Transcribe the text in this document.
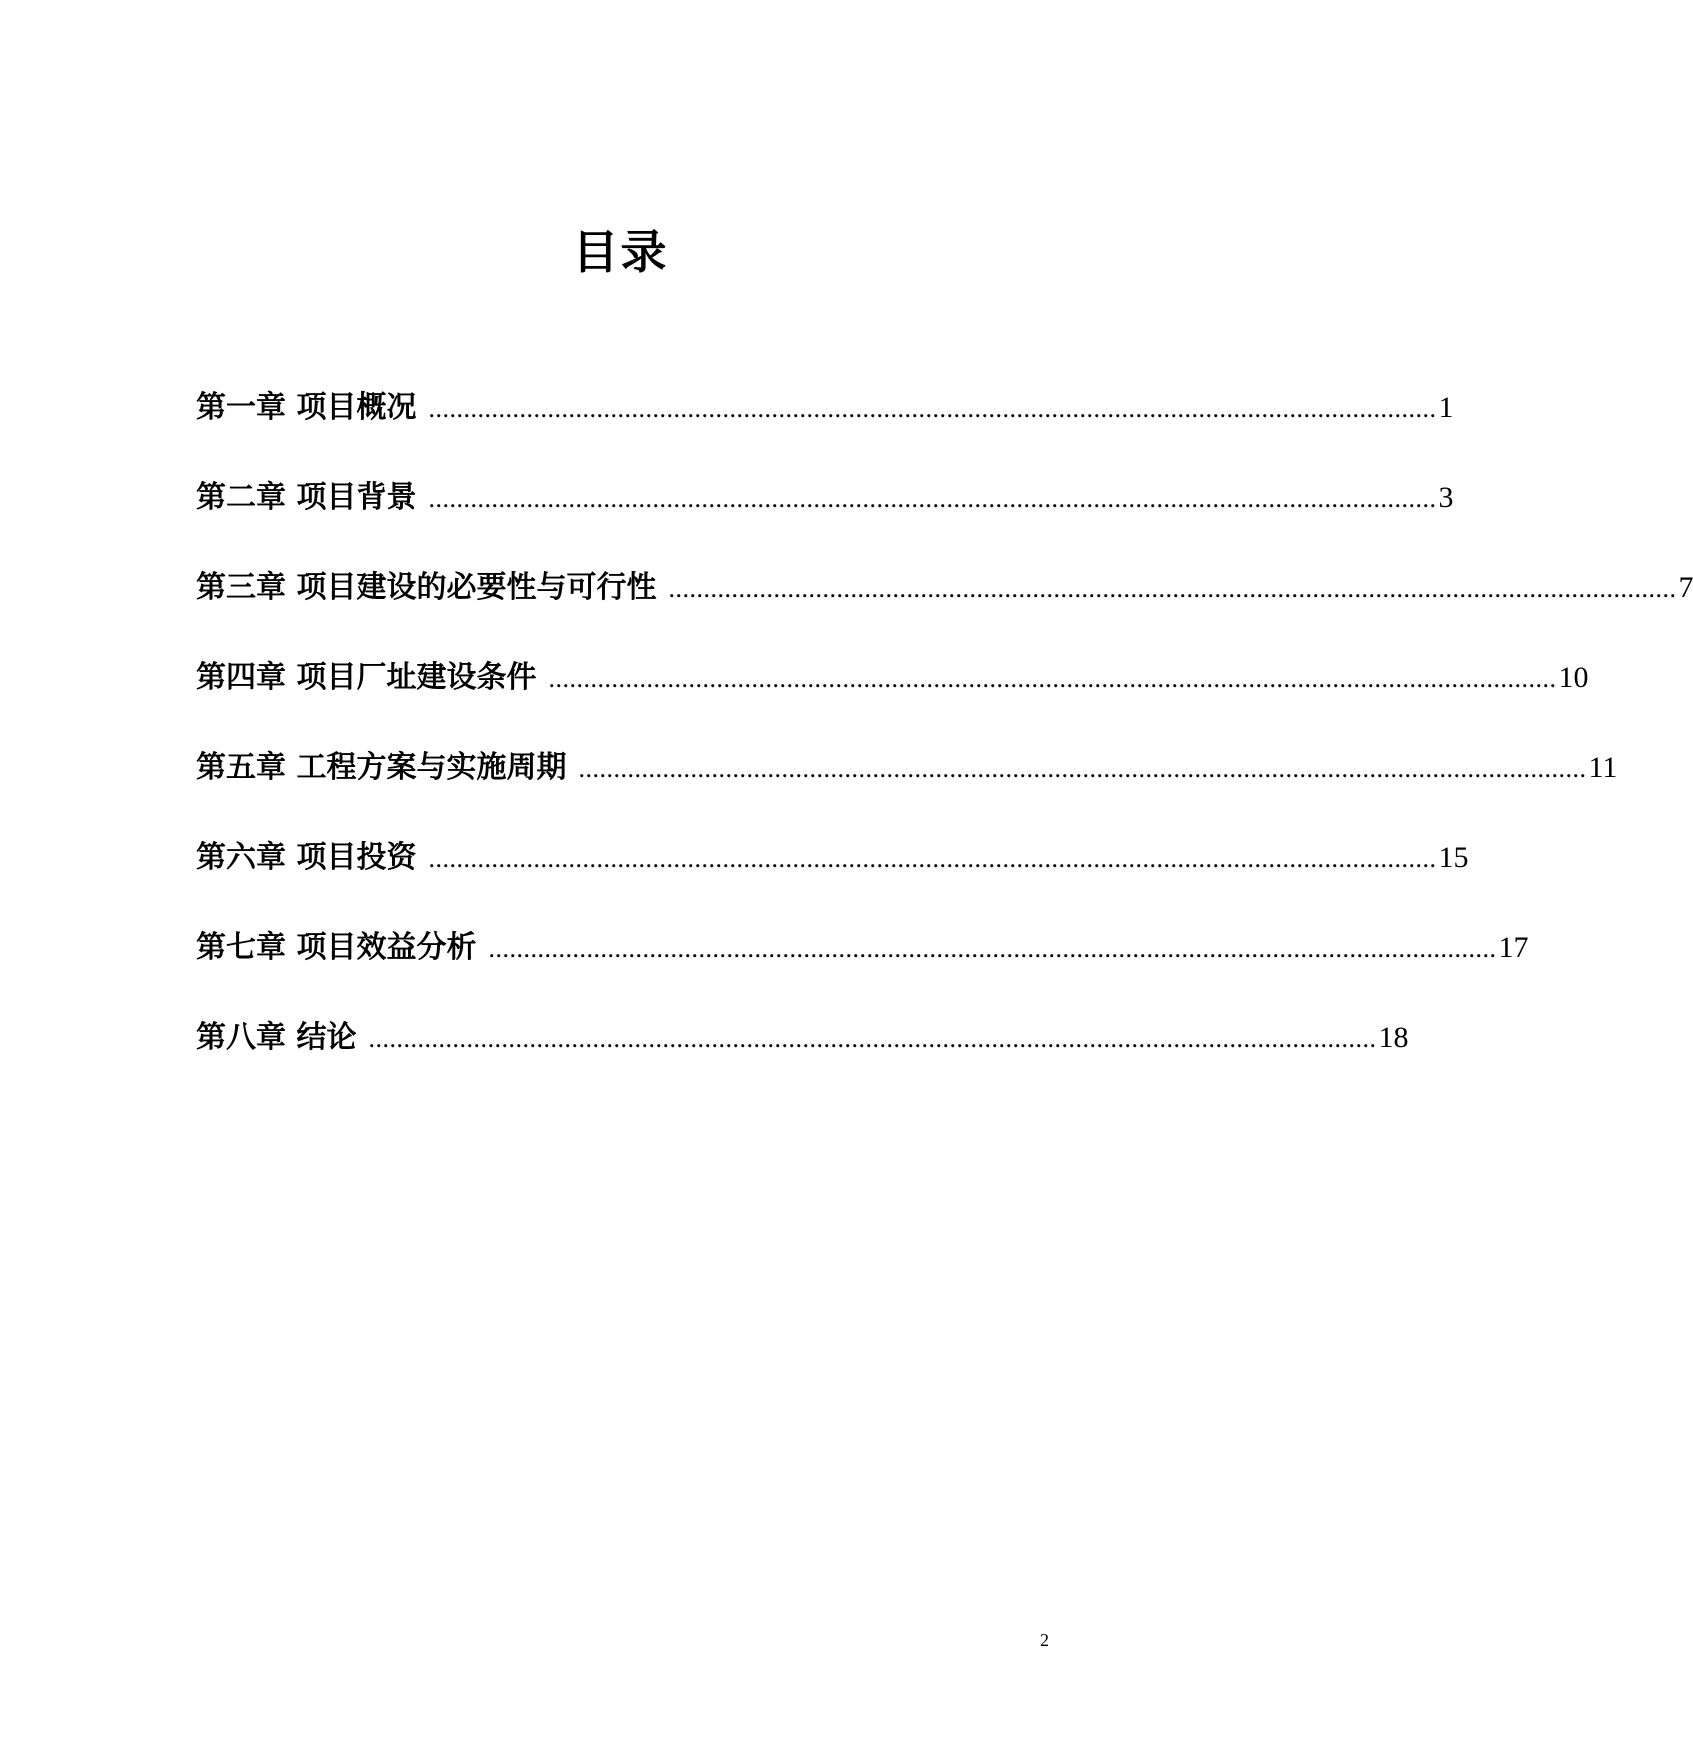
目录
第一章 项目概况 ................................................................................................................................................ 1
第二章 项目背景 ................................................................................................................................................ 3
第三章 项目建设的必要性与可行性 ................................................................................................................................................ 7
第四章 项目厂址建设条件 ................................................................................................................................................ 10
第五章 工程方案与实施周期 ................................................................................................................................................ 11
第六章 项目投资 ................................................................................................................................................ 15
第七章 项目效益分析 ................................................................................................................................................ 17
第八章 结论 ................................................................................................................................................ 18
2
